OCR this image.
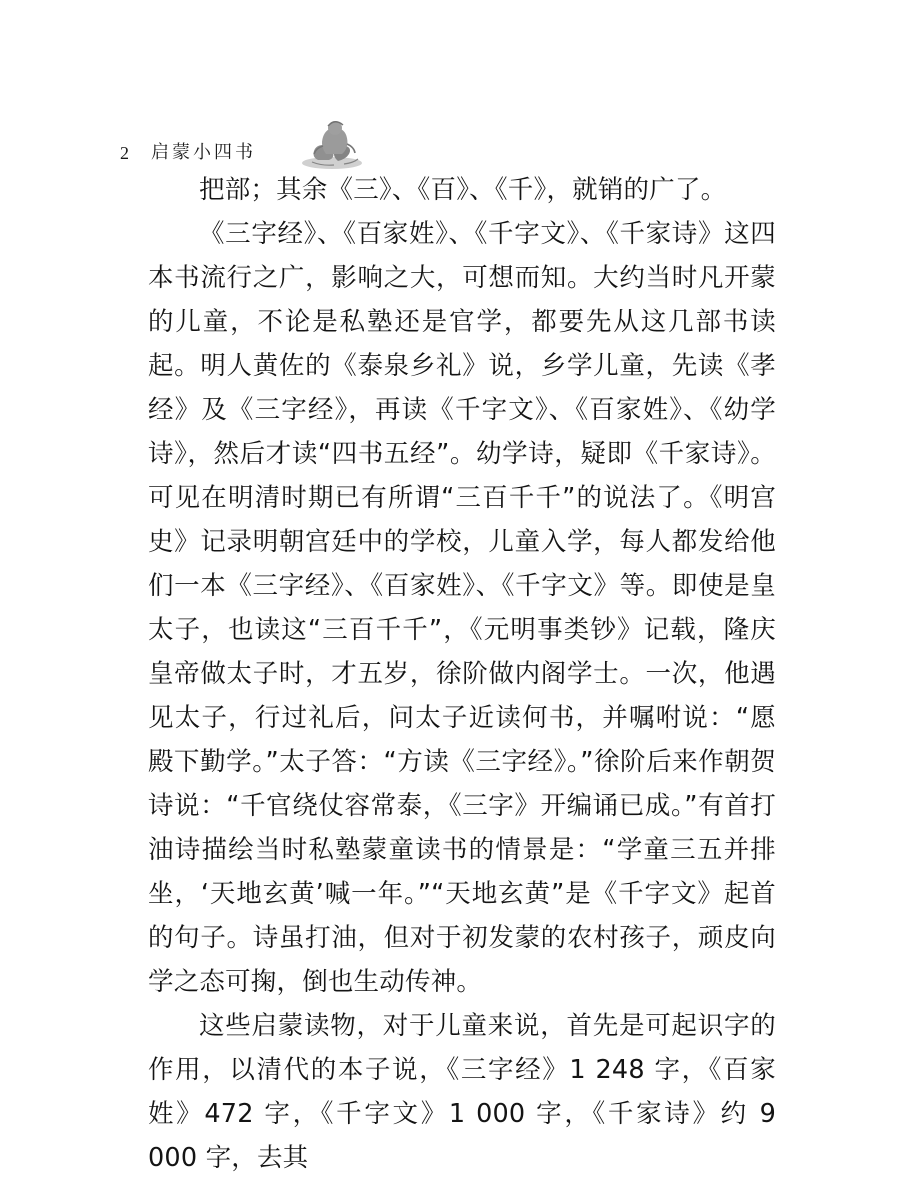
2 启蒙小四书

把部；其余《三》、《百》、《千》，就销的广了。

《三字经》、《百家姓》、《千字文》、《千家诗》这四本书流行之广，影响之大，可想而知。大约当时凡开蒙的儿童，不论是私塾还是官学，都要先从这几部书读起。明人黄佐的《泰泉乡礼》说，乡学儿童，先读《孝经》及《三字经》，再读《千字文》、《百家姓》、《幼学诗》，然后才读“四书五经”。幼学诗，疑即《千家诗》。可见在明清时期已有所谓“三百千千”的说法了。《明宫史》记录明朝宫廷中的学校，儿童入学，每人都发给他们一本《三字经》、《百家姓》、《千字文》等。即使是皇太子，也读这“三百千千”，《元明事类钞》记载，隆庆皇帝做太子时，才五岁，徐阶做内阁学士。一次，他遇见太子，行过礼后，问太子近读何书，并嘱咐说：“愿殿下勤学。”太子答：“方读《三字经》。”徐阶后来作朝贺诗说：“千官绕仗容常泰，《三字》开编诵已成。”有首打油诗描绘当时私塾蒙童读书的情景是：“学童三五并排坐，‘天地玄黄’喊一年。”“天地玄黄”是《千字文》起首的句子。诗虽打油，但对于初发蒙的农村孩子，顽皮向学之态可掬，倒也生动传神。

这些启蒙读物，对于儿童来说，首先是可起识字的作用，以清代的本子说，《三字经》1 248 字，《百家姓》472 字，《千字文》1 000 字，《千家诗》约 9 000 字，去其
